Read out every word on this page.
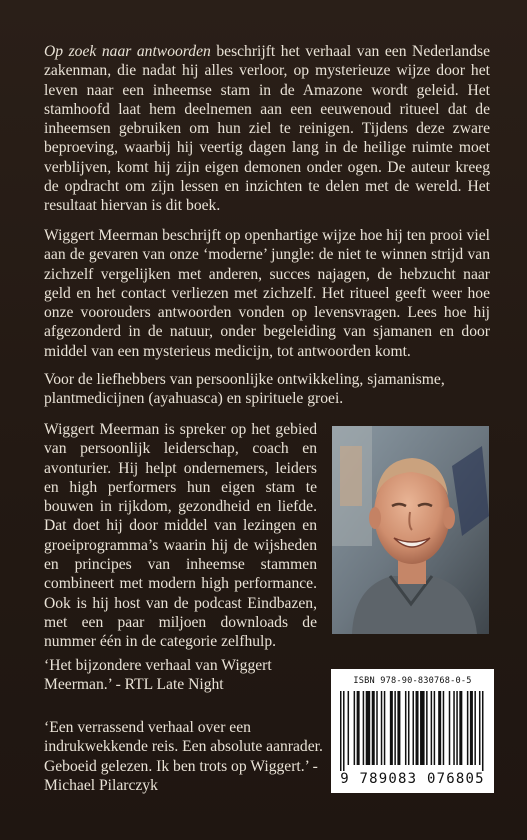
Op zoek naar antwoorden beschrijft het verhaal van een Nederlandse zakenman, die nadat hij alles verloor, op mysterieuze wijze door het leven naar een inheemse stam in de Amazone wordt geleid. Het stamhoofd laat hem deelnemen aan een eeuwenoud ritueel dat de inheemsen gebruiken om hun ziel te reinigen. Tijdens deze zware beproeving, waarbij hij veertig dagen lang in de heilige ruimte moet verblijven, komt hij zijn eigen demonen onder ogen. De auteur kreeg de opdracht om zijn lessen en inzichten te delen met de wereld. Het resultaat hiervan is dit boek.

Wiggert Meerman beschrijft op openhartige wijze hoe hij ten prooi viel aan de gevaren van onze ‘moderne’ jungle: de niet te winnen strijd van zichzelf vergelijken met anderen, succes najagen, de hebzucht naar geld en het contact verliezen met zichzelf. Het ritueel geeft weer hoe onze voorouders antwoorden vonden op levensvragen. Lees hoe hij afgezonderd in de natuur, onder begeleiding van sjamanen en door middel van een mysterieus medicijn, tot antwoorden komt.

Voor de liefhebbers van persoonlijke ontwikkeling, sjamanisme, plantmedicijnen (ayahuasca) en spirituele groei.

Wiggert Meerman is spreker op het gebied van persoonlijk leiderschap, coach en avonturier. Hij helpt ondernemers, leiders en high performers hun eigen stam te bouwen in rijkdom, gezondheid en liefde. Dat doet hij door middel van lezingen en groeiprogramma’s waarin hij de wijsheden en principes van inheemse stammen combineert met modern high performance. Ook is hij host van de podcast Eindbazen, met een paar miljoen downloads de nummer één in de categorie zelfhulp.

‘Het bijzondere verhaal van Wiggert Meerman.’ - RTL Late Night

‘Een verrassend verhaal over een indrukwekkende reis. Een absolute aanrader. Geboeid gelezen. Ik ben trots op Wiggert.’ - Michael Pilarczyk

ISBN 978-90-830768-0-5
9 789083 076805
